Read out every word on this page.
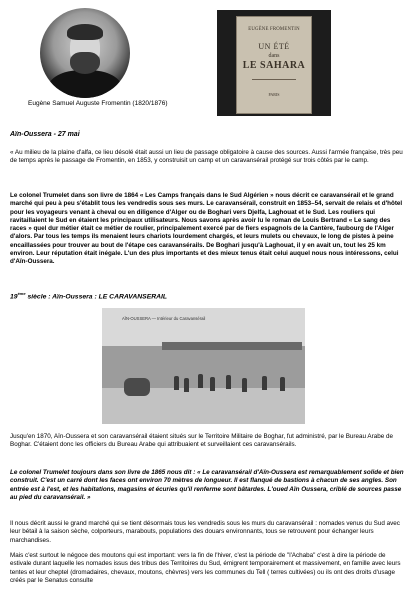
Eugène Samuel Auguste Fromentin (1820/1876)
EUGÈNE FROMENTIN
UN ÉTÉ
dans
LE SAHARA
PARIS
Aïn-Oussera - 27 mai
« Au milieu de la plaine d'alfa, ce lieu désolé était aussi un lieu de passage obligatoire à cause des sources. Aussi l'armée française, très peu de temps après le passage de Fromentin, en 1853, y construisit un camp et un caravansérail protégé sur trois côtés par le camp.
Le colonel Trumelet dans son livre de 1864 « Les Camps français dans le Sud Algérien » nous décrit ce caravansérail et le grand marché qui peu à peu s'établit tous les vendredis sous ses murs. Le caravansérail, construit en 1853–54, servait de relais et d'hôtel pour les voyageurs venant à cheval ou en diligence d'Alger ou de Boghari vers Djelfa, Laghouat et le Sud. Les rouliers qui ravitaillaient le Sud en étaient les principaux utilisateurs. Nous savons après avoir lu le roman de Louis Bertrand « Le sang des races » quel dur métier était ce métier de roulier, principalement exercé par de fiers espagnols de la Cantère, faubourg de l'Alger d'alors. Par tous les temps ils menaient leurs chariots lourdement chargés, et leurs mulets ou chevaux, le long de pistes à peine encaillassées pour trouver au bout de l'étape ces caravansérails. De Boghari jusqu'à Laghouat, il y en avait un, tout les 25 km environ. Leur réputation était inégale. L'un des plus importants et des mieux tenus était celui auquel nous nous intéressons, celui d'Aïn-Oussera.
19ème siècle : Aïn-Oussera : LE CARAVANSERAIL
AÏN-OUSSERA — Intérieur du Caravansérail
Jusqu'en 1870, Aïn-Oussera et son caravansérail étaient situés sur le Territoire Militaire de Boghar, fut administré, par le Bureau Arabe de Boghar. C'étaient donc les officiers du Bureau Arabe qui attribuaient et surveillaient ces caravansérails.
Le colonel Trumelet toujours dans son livre de 1865 nous dit : « Le caravansérail d'Aïn-Oussera est remarquablement solide et bien construit. C'est un carré dont les faces ont environ 70 mètres de longueur. Il est flanqué de bastions à chacun de ses angles. Son entrée est à l'est, et les habitations, magasins et écuries qu'il renferme sont bâtardes. L'oued Aïn Oussera, criblé de sources passe au pied du caravansérail. »
Il nous décrit aussi le grand marché qui se tient désormais tous les vendredis sous les murs du caravansérail : nomades venus du Sud avec leur bétail à la saison sèche, colporteurs, marabouts, populations des douars environnants, tous se retrouvent pour échanger leurs marchandises.
Mais c'est surtout le négoce des moutons qui est important: vers la fin de l'hiver, c'est la période de "l'Achaba" c'est à dire la période de estivale durant laquelle les nomades issus des tribus des Territoires du Sud, émigrent temporairement et massivement, en famille avec leurs tentes et leur cheptel (dromadaires, chevaux, moutons, chèvres) vers les communes du Tell ( terres cultivées) ou ils ont des droits d'usage créés par le Senatus consulte
